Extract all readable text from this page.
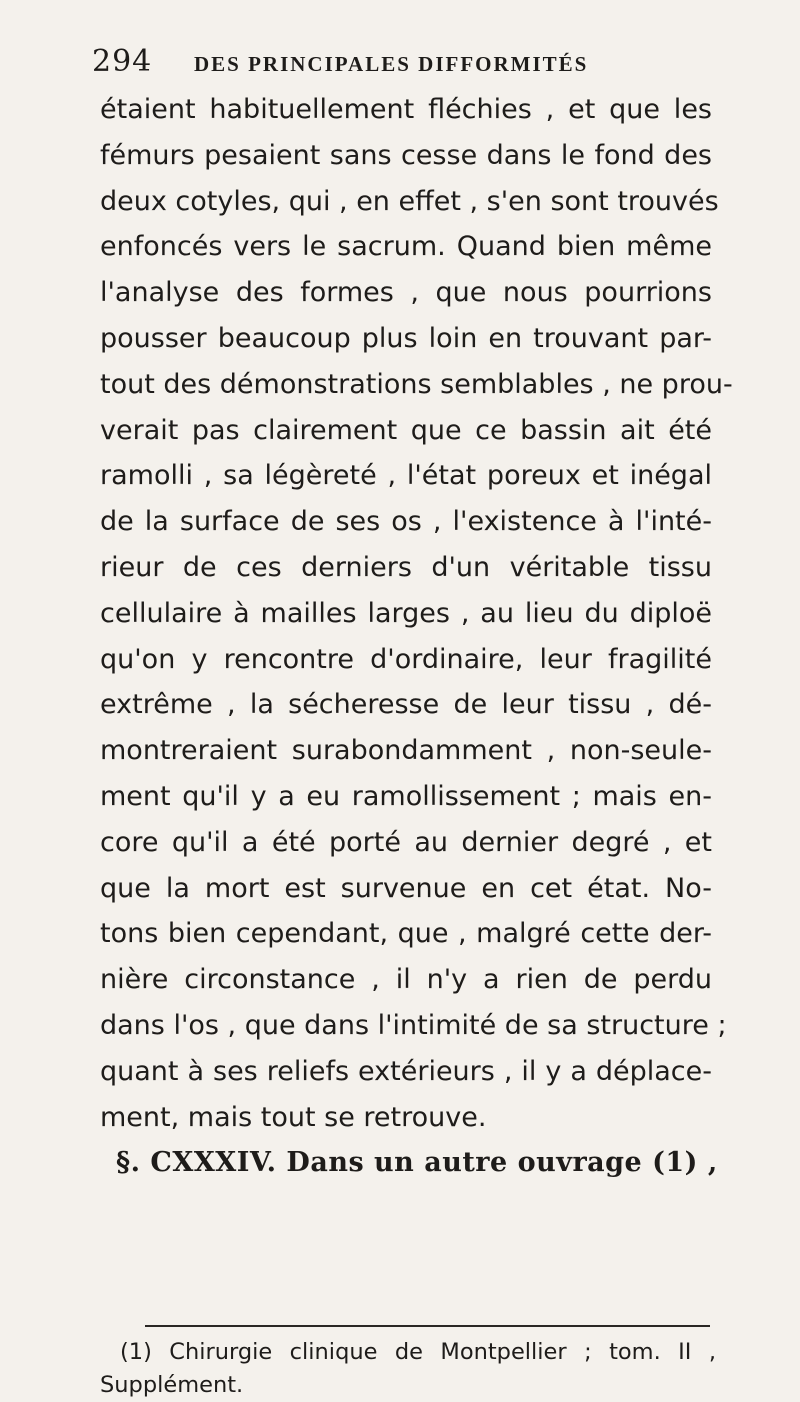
294 DES PRINCIPALES DIFFORMITÉS
étaient habituellement fléchies , et que les
fémurs pesaient sans cesse dans le fond des
deux cotyles, qui , en effet , s'en sont trouvés
enfoncés vers le sacrum. Quand bien même
l'analyse des formes , que nous pourrions
pousser beaucoup plus loin en trouvant par-
tout des démonstrations semblables , ne prou-
verait pas clairement que ce bassin ait été
ramolli , sa légèreté , l'état poreux et inégal
de la surface de ses os , l'existence à l'inté-
rieur de ces derniers d'un véritable tissu
cellulaire à mailles larges , au lieu du diploë
qu'on y rencontre d'ordinaire, leur fragilité
extrême , la sécheresse de leur tissu , dé-
montreraient surabondamment , non-seule-
ment qu'il y a eu ramollissement ; mais en-
core qu'il a été porté au dernier degré , et
que la mort est survenue en cet état. No-
tons bien cependant, que , malgré cette der-
nière circonstance , il n'y a rien de perdu
dans l'os , que dans l'intimité de sa structure ;
quant à ses reliefs extérieurs , il y a déplace-
ment, mais tout se retrouve.
§. CXXXIV. Dans un autre ouvrage (1) ,
(1) Chirurgie clinique de Montpellier ; tom. II ,
Supplément.
